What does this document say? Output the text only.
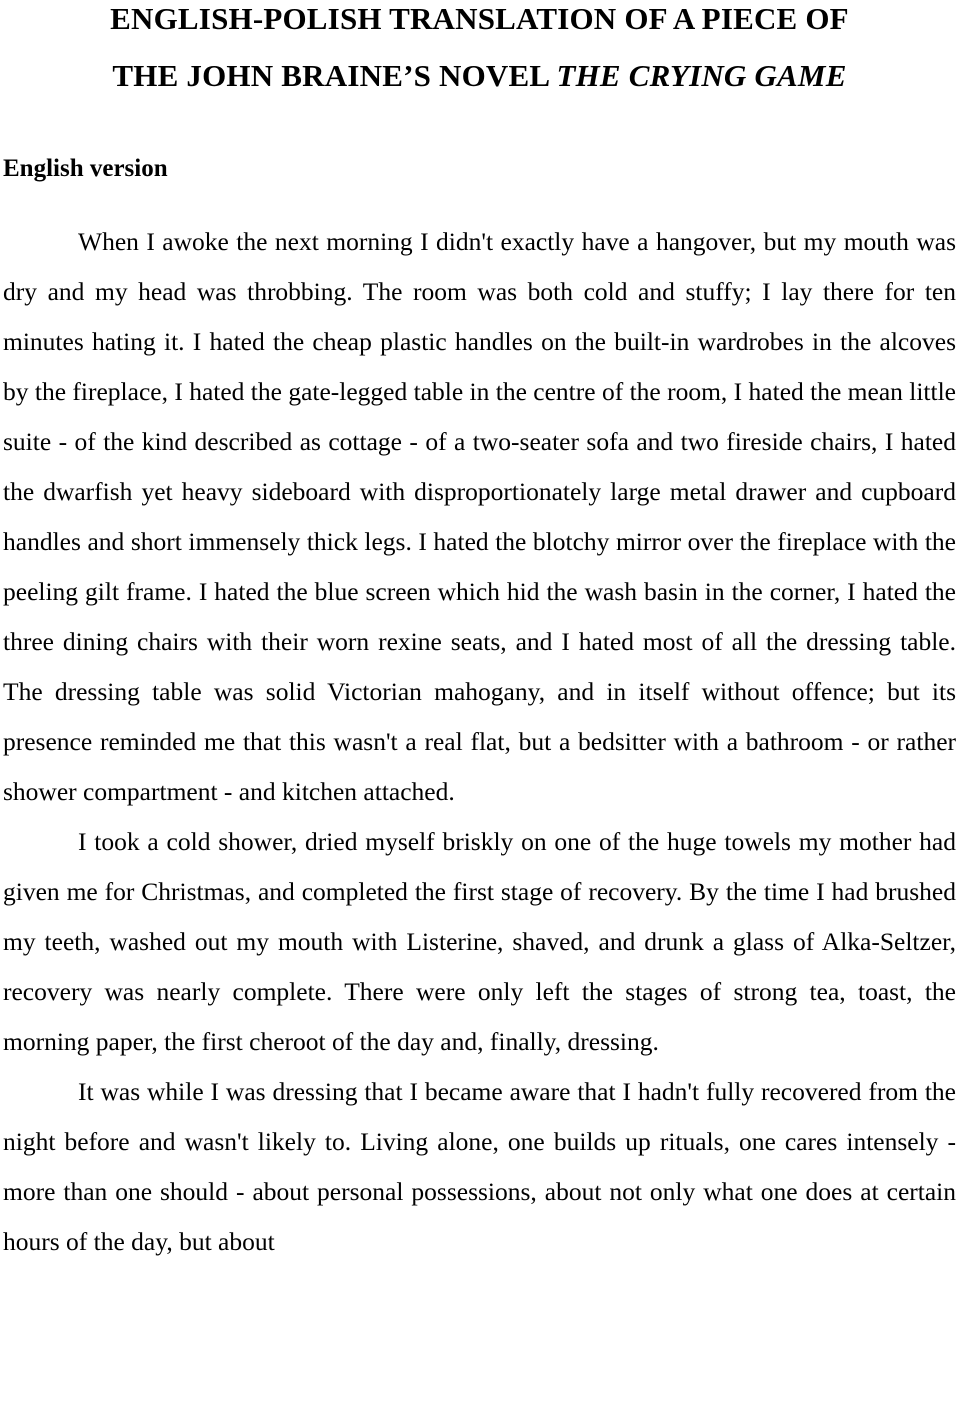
ENGLISH-POLISH TRANSLATION OF A PIECE OF
THE JOHN BRAINE’S NOVEL THE CRYING GAME
English version

When I awoke the next morning I didn't exactly have a hangover, but my mouth was dry and my head was throbbing. The room was both cold and stuffy; I lay there for ten minutes hating it. I hated the cheap plastic handles on the built-in wardrobes in the alcoves by the fireplace, I hated the gate-legged table in the centre of the room, I hated the mean little suite - of the kind described as cottage - of a two-seater sofa and two fireside chairs, I hated the dwarfish yet heavy sideboard with disproportionately large metal drawer and cupboard handles and short immensely thick legs. I hated the blotchy mirror over the fireplace with the peeling gilt frame. I hated the blue screen which hid the wash basin in the corner, I hated the three dining chairs with their worn rexine seats, and I hated most of all the dressing table. The dressing table was solid Victorian mahogany, and in itself without offence; but its presence reminded me that this wasn't a real flat, but a bedsitter with a bathroom - or rather shower compartment - and kitchen attached.

I took a cold shower, dried myself briskly on one of the huge towels my mother had given me for Christmas, and completed the first stage of recovery. By the time I had brushed my teeth, washed out my mouth with Listerine, shaved, and drunk a glass of Alka-Seltzer, recovery was nearly complete. There were only left the stages of strong tea, toast, the morning paper, the first cheroot of the day and, finally, dressing.

It was while I was dressing that I became aware that I hadn't fully recovered from the night before and wasn't likely to. Living alone, one builds up rituals, one cares intensely -more than one should - about personal possessions, about not only what one does at certain hours of the day, but about
